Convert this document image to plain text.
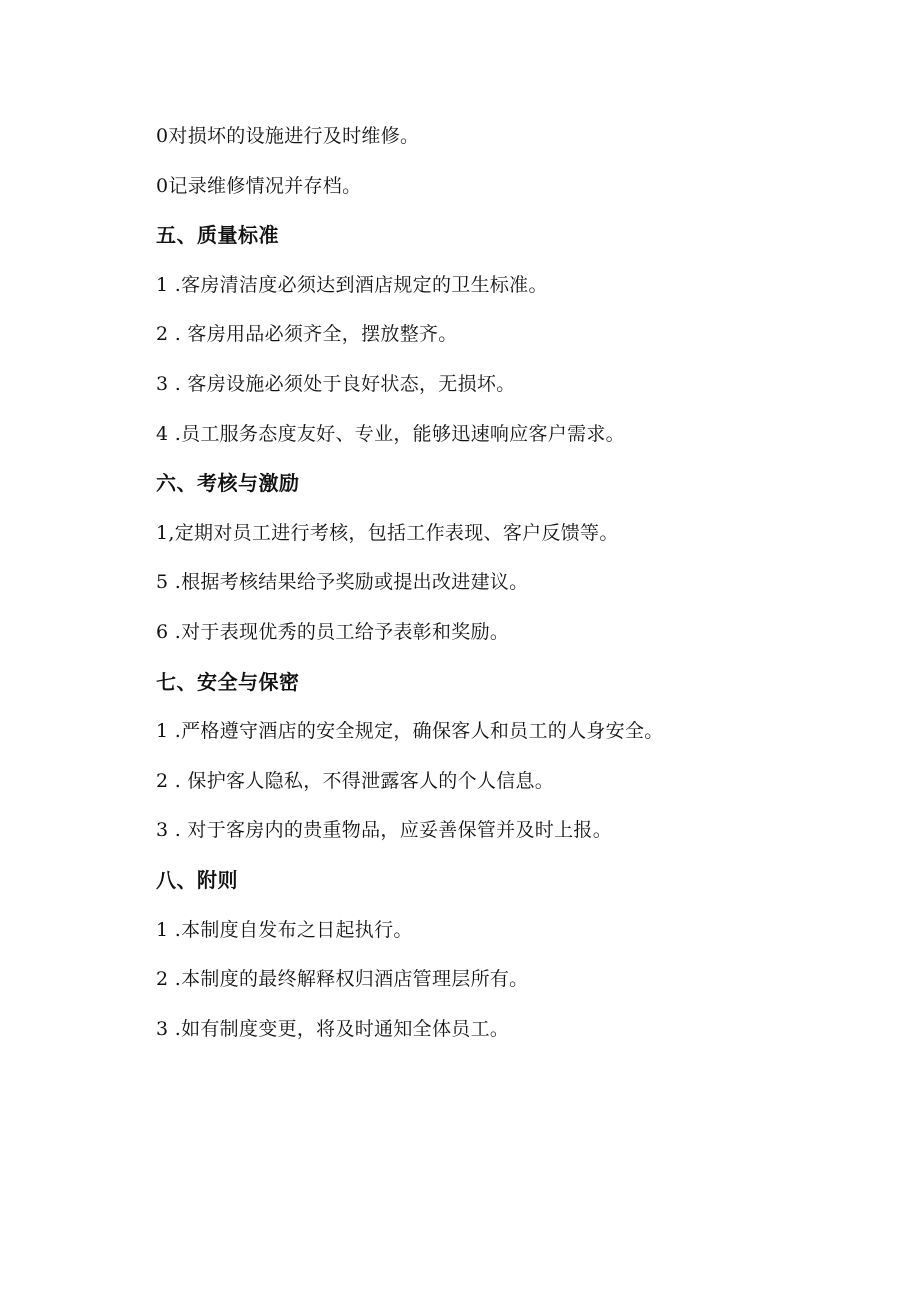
0对损坏的设施进行及时维修。
0记录维修情况并存档。
五、质量标准
1 .客房清洁度必须达到酒店规定的卫生标准。
2 . 客房用品必须齐全，摆放整齐。
3 . 客房设施必须处于良好状态，无损坏。
4 .员工服务态度友好、专业，能够迅速响应客户需求。
六、考核与激励
1,定期对员工进行考核，包括工作表现、客户反馈等。
5 .根据考核结果给予奖励或提出改进建议。
6 .对于表现优秀的员工给予表彰和奖励。
七、安全与保密
1 .严格遵守酒店的安全规定，确保客人和员工的人身安全。
2 . 保护客人隐私，不得泄露客人的个人信息。
3 . 对于客房内的贵重物品，应妥善保管并及时上报。
八、附则
1 .本制度自发布之日起执行。
2 .本制度的最终解释权归酒店管理层所有。
3 .如有制度变更，将及时通知全体员工。
